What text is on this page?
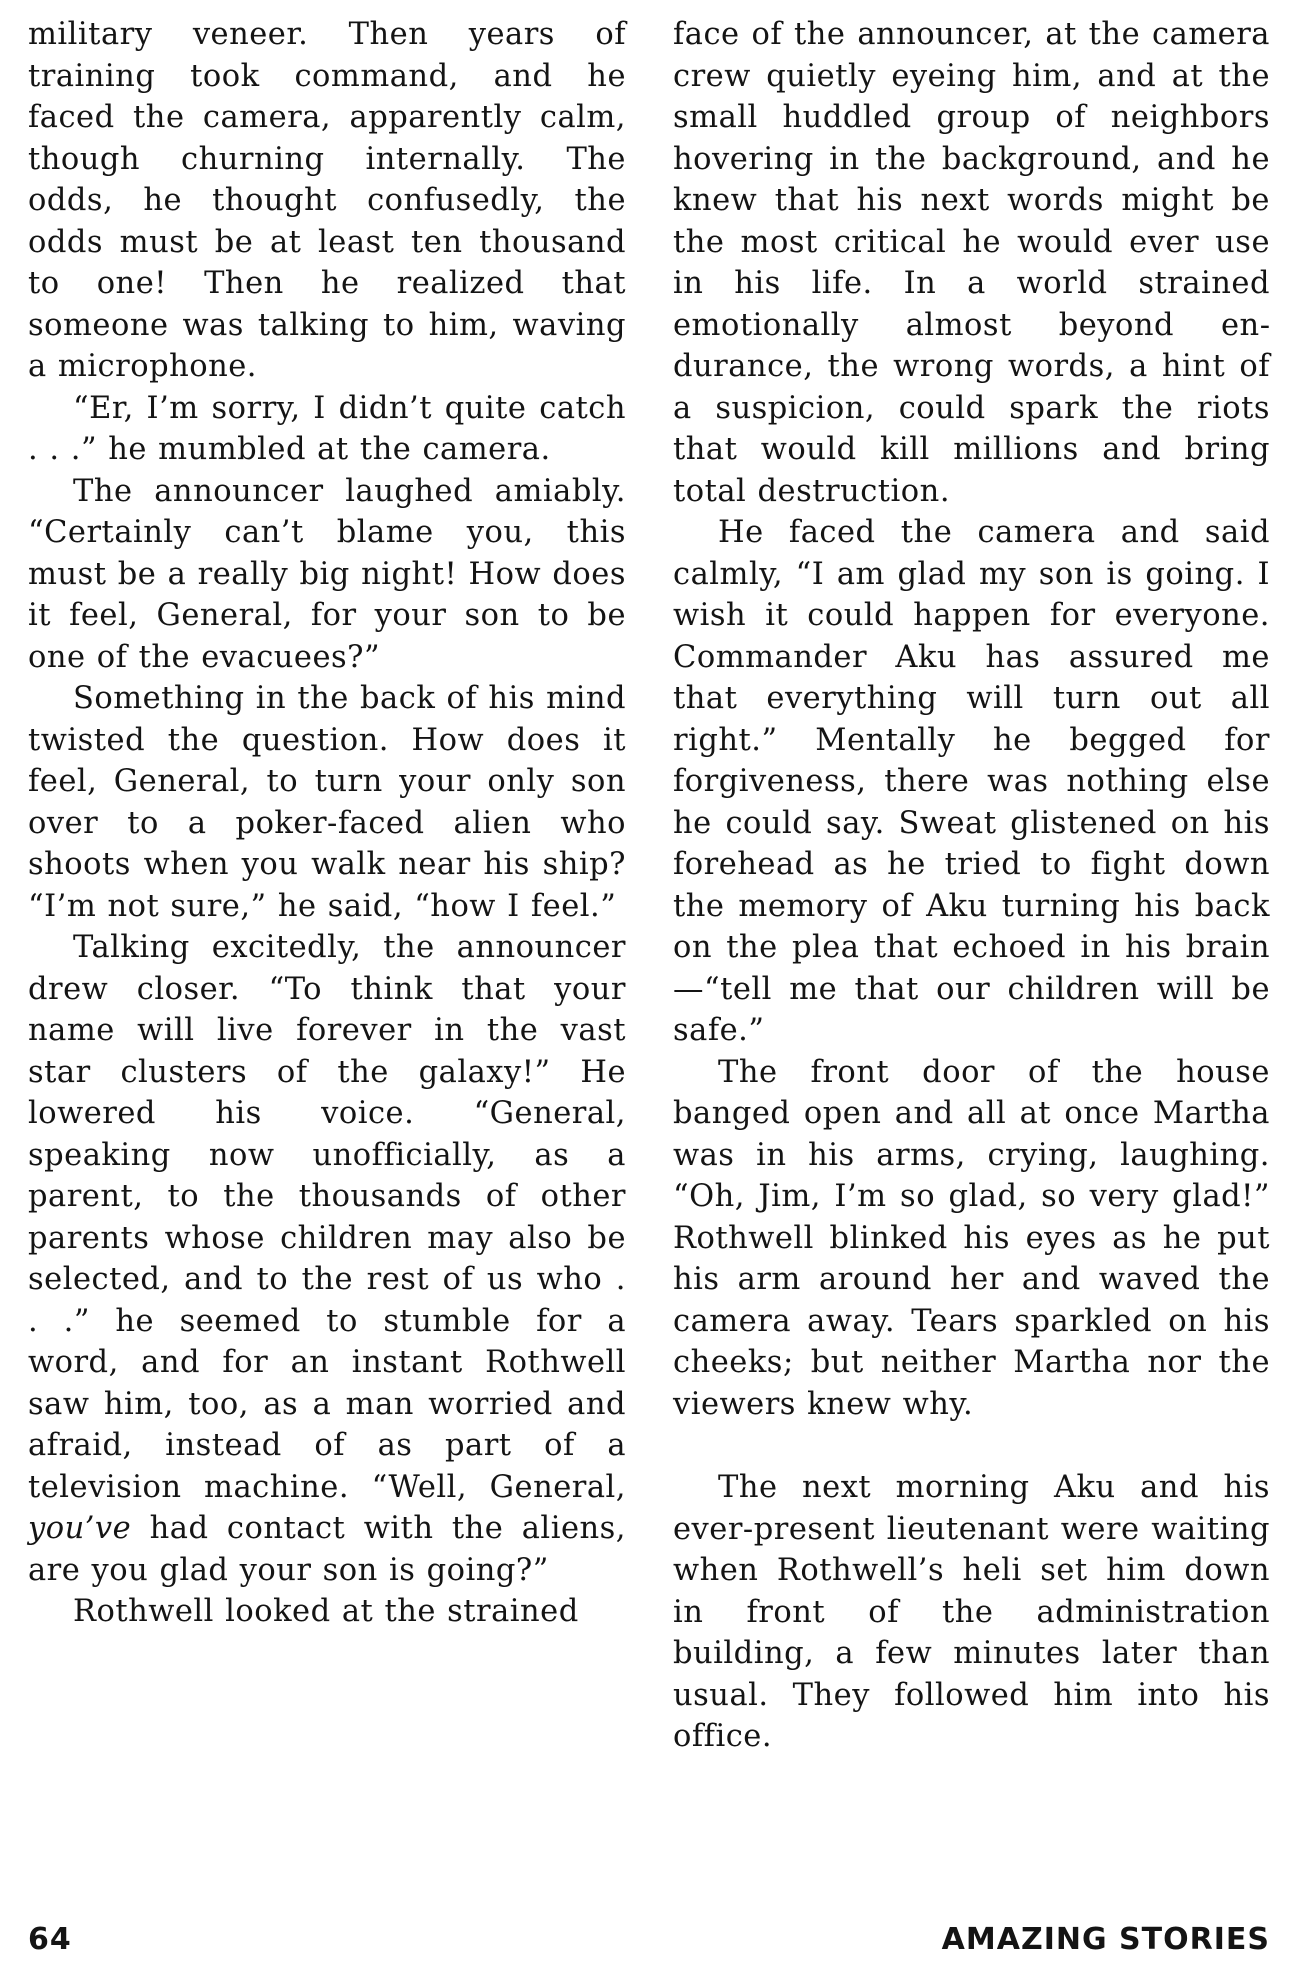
military veneer. Then years of training took command, and he faced the camera, apparently calm, though churning internally. The odds, he thought confusedly, the odds must be at least ten thousand to one! Then he realized that someone was talking to him, waving a microphone.

“Er, I’m sorry, I didn’t quite catch . . .” he mumbled at the camera.

The announcer laughed amiably. “Certainly can’t blame you, this must be a really big night! How does it feel, General, for your son to be one of the evacuees?”

Something in the back of his mind twisted the question. How does it feel, General, to turn your only son over to a poker-faced alien who shoots when you walk near his ship? “I’m not sure,” he said, “how I feel.”

Talking excitedly, the announcer drew closer. “To think that your name will live forever in the vast star clusters of the galaxy!” He lowered his voice. “General, speaking now unofficially, as a parent, to the thousands of other parents whose children may also be selected, and to the rest of us who . . .” he seemed to stumble for a word, and for an instant Rothwell saw him, too, as a man worried and afraid, instead of as part of a television machine. “Well, General, you’ve had contact with the aliens, are you glad your son is going?”

Rothwell looked at the strained

face of the announcer, at the camera crew quietly eyeing him, and at the small huddled group of neighbors hovering in the background, and he knew that his next words might be the most critical he would ever use in his life. In a world strained emotionally almost beyond endurance, the wrong words, a hint of a suspicion, could spark the riots that would kill millions and bring total destruction.

He faced the camera and said calmly, “I am glad my son is going. I wish it could happen for everyone. Commander Aku has assured me that everything will turn out all right.” Mentally he begged for forgiveness, there was nothing else he could say. Sweat glistened on his forehead as he tried to fight down the memory of Aku turning his back on the plea that echoed in his brain—“tell me that our children will be safe.”

The front door of the house banged open and all at once Martha was in his arms, crying, laughing. “Oh, Jim, I’m so glad, so very glad!” Rothwell blinked his eyes as he put his arm around her and waved the camera away. Tears sparkled on his cheeks; but neither Martha nor the viewers knew why.

The next morning Aku and his ever-present lieutenant were waiting when Rothwell’s heli set him down in front of the administration building, a few minutes later than usual. They followed him into his office.

64	AMAZING STORIES
